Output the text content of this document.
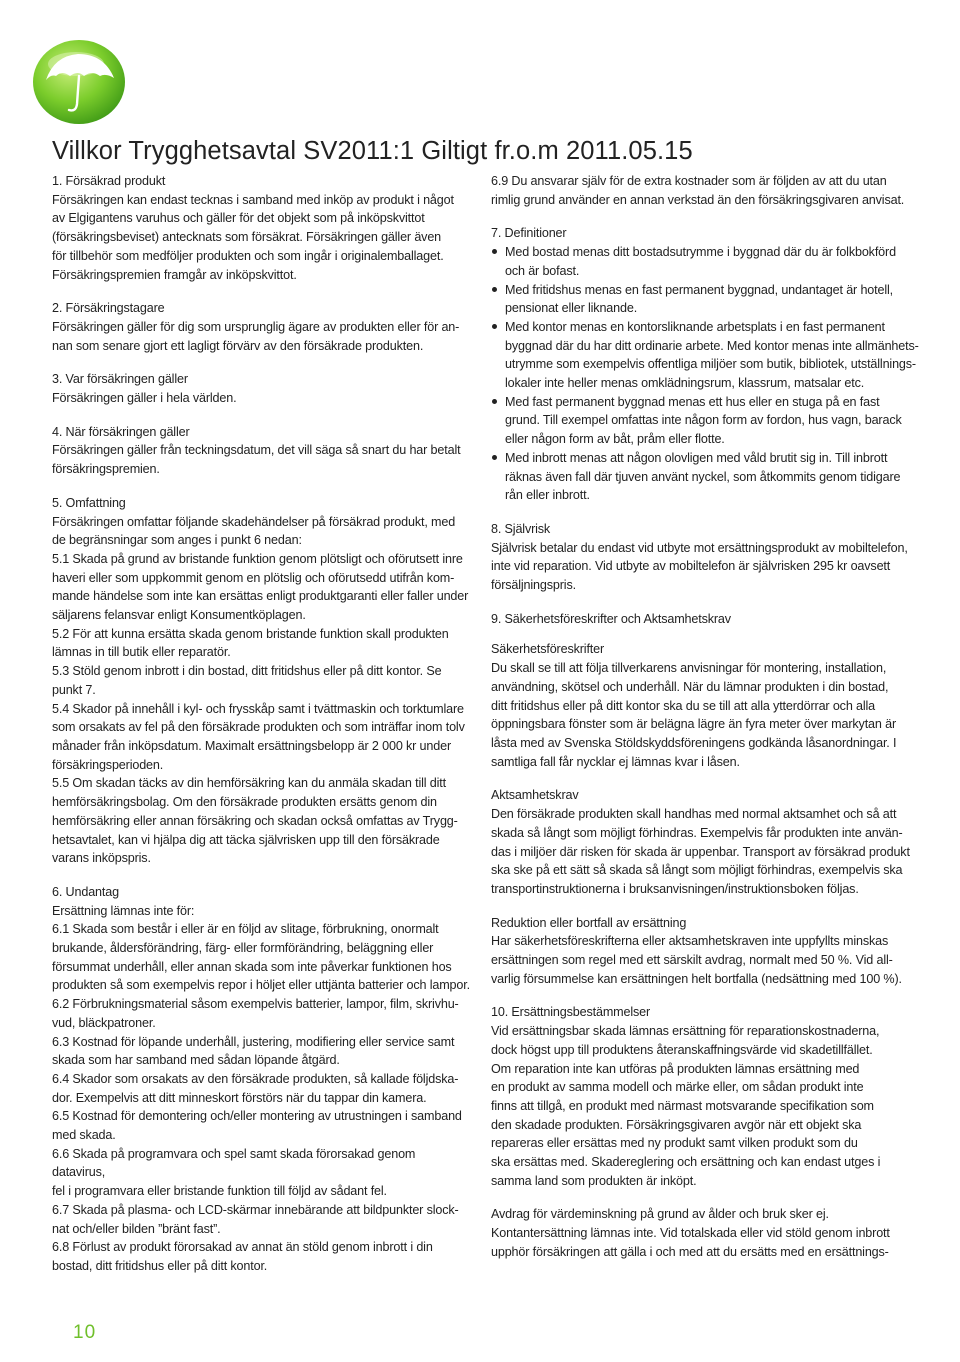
Villkor Trygghetsavtal SV2011:1 Giltigt fr.o.m 2011.05.15

1. Försäkrad produkt

Försäkringen kan endast tecknas i samband med inköp av produkt i något

av Elgigantens varuhus och gäller för det objekt som på inköpskvittot

(försäkringsbeviset) antecknats som försäkrat. Försäkringen gäller även

för tillbehör som medföljer produkten och som ingår i originalemballaget.

Försäkringspremien framgår av inköpskvittot.

2. Försäkringstagare

Försäkringen gäller för dig som ursprunglig ägare av produkten eller för an-

nan som senare gjort ett lagligt förvärv av den försäkrade produkten.

3. Var försäkringen gäller

Försäkringen gäller i hela världen.

4. När försäkringen gäller

Försäkringen gäller från teckningsdatum, det vill säga så snart du har betalt

försäkringspremien.

5. Omfattning

Försäkringen omfattar följande skadehändelser på försäkrad produkt, med

de begränsningar som anges i punkt 6 nedan:

5.1 Skada på grund av bristande funktion genom plötsligt och oförutsett inre

haveri eller som uppkommit genom en plötslig och oförutsedd utifrån kom-

mande händelse som inte kan ersättas enligt produktgaranti eller faller under

säljarens felansvar enligt Konsumentköplagen.

5.2 För att kunna ersätta skada genom bristande funktion skall produkten

lämnas in till butik eller reparatör.

5.3 Stöld genom inbrott i din bostad, ditt fritidshus eller på ditt kontor. Se

punkt 7.

5.4 Skador på innehåll i kyl- och frysskåp samt i tvättmaskin och torktumlare

som orsakats av fel på den försäkrade produkten och som inträffar inom tolv

månader från inköpsdatum. Maximalt ersättningsbelopp är 2 000 kr under

försäkringsperioden.

5.5 Om skadan täcks av din hemförsäkring kan du anmäla skadan till ditt

hemförsäkringsbolag. Om den försäkrade produkten ersätts genom din

hemförsäkring eller annan försäkring och skadan också omfattas av Trygg-

hetsavtalet, kan vi hjälpa dig att täcka självrisken upp till den försäkrade

varans inköpspris.

6. Undantag

Ersättning lämnas inte för:

6.1 Skada som består i eller är en följd av slitage, förbrukning, onormalt

brukande, åldersförändring, färg- eller formförändring, beläggning eller

försummat underhåll, eller annan skada som inte påverkar funktionen hos

produkten så som exempelvis repor i höljet eller uttjänta batterier och lampor.

6.2 Förbrukningsmaterial såsom exempelvis batterier, lampor, film, skrivhu-

vud, bläckpatroner.

6.3 Kostnad för löpande underhåll, justering, modifiering eller service samt

skada som har samband med sådan löpande åtgärd.

6.4 Skador som orsakats av den försäkrade produkten, så kallade följdska-

dor. Exempelvis att ditt minneskort förstörs när du tappar din kamera.

6.5 Kostnad för demontering och/eller montering av utrustningen i samband

med skada.

6.6 Skada på programvara och spel samt skada förorsakad genom datavirus,

fel i programvara eller bristande funktion till följd av sådant fel.

6.7 Skada på plasma- och LCD-skärmar innebärande att bildpunkter slock-

nat och/eller bilden ”bränt fast”.

6.8 Förlust av produkt förorsakad av annat än stöld genom inbrott i din

bostad, ditt fritidshus eller på ditt kontor.

6.9 Du ansvarar själv för de extra kostnader som är följden av att du utan

rimlig grund använder en annan verkstad än den försäkringsgivaren anvisat.

7. Definitioner

Med bostad menas ditt bostadsutrymme i byggnad där du är folkbokförd
och är bofast.
Med fritidshus menas en fast permanent byggnad, undantaget är hotell,
pensionat eller liknande.
Med kontor menas en kontorsliknande arbetsplats i en fast permanent
byggnad där du har ditt ordinarie arbete. Med kontor menas inte allmänhets-
utrymme som exempelvis offentliga miljöer som butik, bibliotek, utställnings-
lokaler inte heller menas omklädningsrum, klassrum, matsalar etc.
Med fast permanent byggnad menas ett hus eller en stuga på en fast
grund. Till exempel omfattas inte någon form av fordon, hus vagn, barack
eller någon form av båt, pråm eller flotte.
Med inbrott menas att någon olovligen med våld brutit sig in. Till inbrott
räknas även fall där tjuven använt nyckel, som åtkommits genom tidigare
rån eller inbrott.

8. Självrisk

Självrisk betalar du endast vid utbyte mot ersättningsprodukt av mobiltelefon,

inte vid reparation. Vid utbyte av mobiltelefon är självrisken 295 kr oavsett

försäljningspris.

9. Säkerhetsföreskrifter och Aktsamhetskrav

Säkerhetsföreskrifter

Du skall se till att följa tillverkarens anvisningar för montering, installation,

användning, skötsel och underhåll. När du lämnar produkten i din bostad,

ditt fritidshus eller på ditt kontor ska du se till att alla ytterdörrar och alla

öppningsbara fönster som är belägna lägre än fyra meter över markytan är

låsta med av Svenska Stöldskyddsföreningens godkända låsanordningar. I

samtliga fall får nycklar ej lämnas kvar i låsen.

Aktsamhetskrav

Den försäkrade produkten skall handhas med normal aktsamhet och så att

skada så långt som möjligt förhindras. Exempelvis får produkten inte använ-

das i miljöer där risken för skada är uppenbar. Transport av försäkrad produkt

ska ske på ett sätt så skada så långt som möjligt förhindras, exempelvis ska

transportinstruktionerna i bruksanvisningen/instruktionsboken följas.

Reduktion eller bortfall av ersättning

Har säkerhetsföreskrifterna eller aktsamhetskraven inte uppfyllts minskas

ersättningen som regel med ett särskilt avdrag, normalt med 50 %. Vid all-

varlig försummelse kan ersättningen helt bortfalla (nedsättning med 100 %).

10. Ersättningsbestämmelser

Vid ersättningsbar skada lämnas ersättning för reparationskostnaderna,

dock högst upp till produktens återanskaffningsvärde vid skadetillfället.

Om reparation inte kan utföras på produkten lämnas ersättning med

en produkt av samma modell och märke eller, om sådan produkt inte

finns att tillgå, en produkt med närmast motsvarande specifikation som

den skadade produkten. Försäkringsgivaren avgör när ett objekt ska

repareras eller ersättas med ny produkt samt vilken produkt som du

ska ersättas med. Skadereglering och ersättning och kan endast utges i

samma land som produkten är inköpt.

Avdrag för värdeminskning på grund av ålder och bruk sker ej.

Kontantersättning lämnas inte. Vid totalskada eller vid stöld genom inbrott

upphör försäkringen att gälla i och med att du ersätts med en ersättnings-

10
